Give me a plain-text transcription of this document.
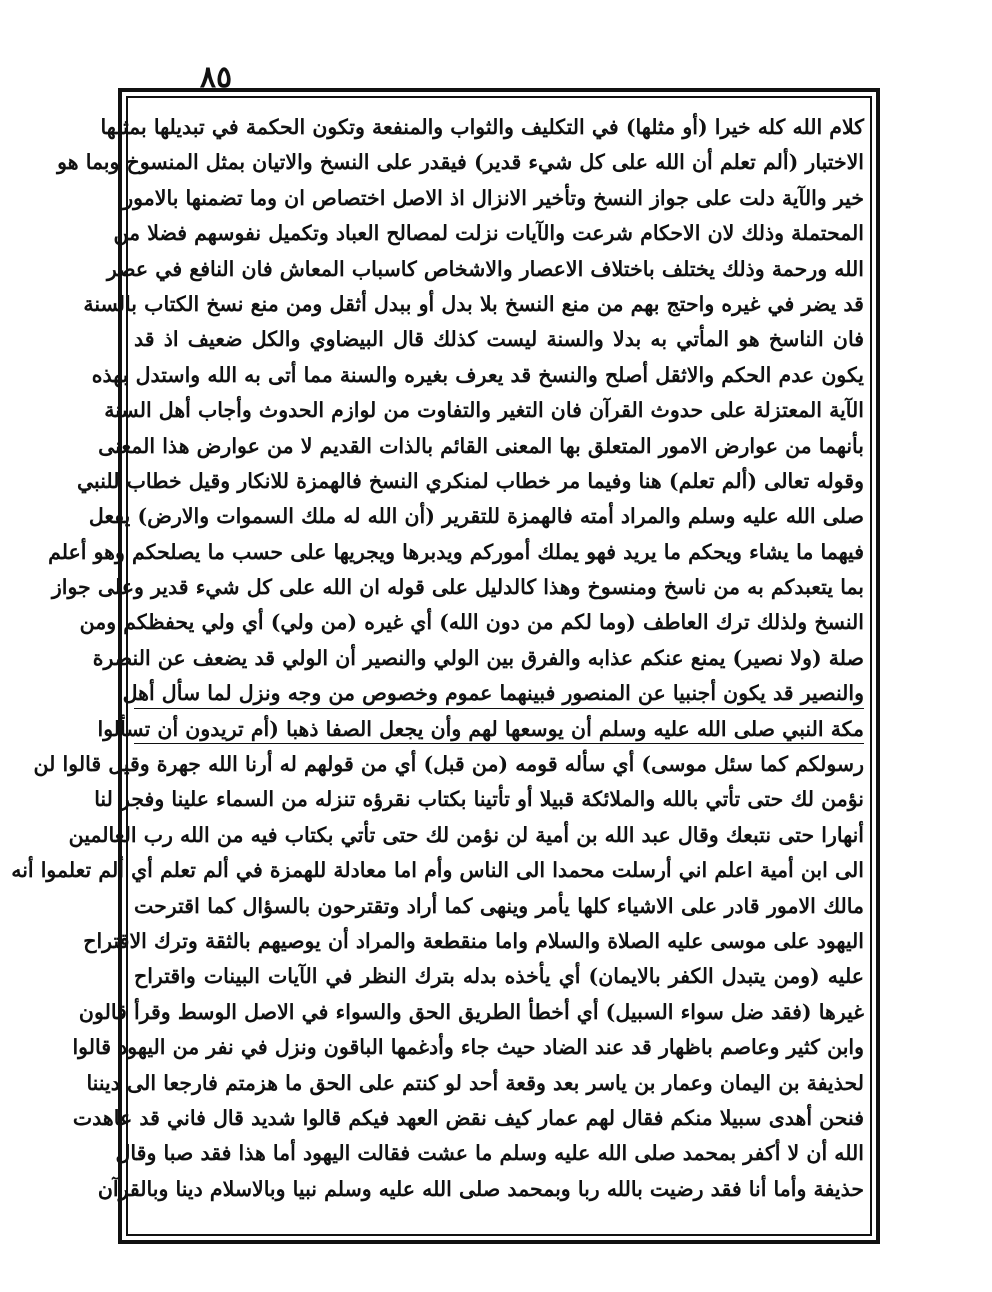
٨٥
كلام الله كله خيرا (أو مثلها) في التكليف والثواب والمنفعة وتكون الحكمة في تبديلها بمثلها
الاختبار (ألم تعلم أن الله على كل شيء قدير) فيقدر على النسخ والاتيان بمثل المنسوخ وبما هو
خير والآية دلت على جواز النسخ وتأخير الانزال اذ الاصل اختصاص ان وما تضمنها بالامور
المحتملة وذلك لان الاحكام شرعت والآيات نزلت لمصالح العباد وتكميل نفوسهم فضلا من
الله ورحمة وذلك يختلف باختلاف الاعصار والاشخاص كاسباب المعاش فان النافع في عصر
قد يضر في غيره واحتج بهم من منع النسخ بلا بدل أو ببدل أثقل ومن منع نسخ الكتاب بالسنة
فان الناسخ هو المأتي به بدلا والسنة ليست كذلك قال البيضاوي والكل ضعيف اذ قد
يكون عدم الحكم والاثقل أصلح والنسخ قد يعرف بغيره والسنة مما أتى به الله واستدل بهذه
الآية المعتزلة على حدوث القرآن فان التغير والتفاوت من لوازم الحدوث وأجاب أهل السنة
بأنهما من عوارض الامور المتعلق بها المعنى القائم بالذات القديم لا من عوارض هذا المعنى
وقوله تعالى (ألم تعلم) هنا وفيما مر خطاب لمنكري النسخ فالهمزة للانكار وقيل خطاب للنبي
صلى الله عليه وسلم والمراد أمته فالهمزة للتقرير (أن الله له ملك السموات والارض) يفعل
فيهما ما يشاء ويحكم ما يريد فهو يملك أموركم ويدبرها ويجريها على حسب ما يصلحكم وهو أعلم
بما يتعبدكم به من ناسخ ومنسوخ وهذا كالدليل على قوله ان الله على كل شيء قدير وعلى جواز
النسخ ولذلك ترك العاطف (وما لكم من دون الله) أي غيره (من ولي) أي ولي يحفظكم ومن
صلة (ولا نصير) يمنع عنكم عذابه والفرق بين الولي والنصير أن الولي قد يضعف عن النصرة
والنصير قد يكون أجنبيا عن المنصور فبينهما عموم وخصوص من وجه ونزل لما سأل أهل
مكة النبي صلى الله عليه وسلم أن يوسعها لهم وأن يجعل الصفا ذهبا (أم تريدون أن تسألوا
رسولكم كما سئل موسى) أي سأله قومه (من قبل) أي من قولهم له أرنا الله جهرة وقيل قالوا لن
نؤمن لك حتى تأتي بالله والملائكة قبيلا أو تأتينا بكتاب نقرؤه تنزله من السماء علينا وفجر لنا
أنهارا حتى نتبعك وقال عبد الله بن أمية لن نؤمن لك حتى تأتي بكتاب فيه من الله رب العالمين
الى ابن أمية اعلم اني أرسلت محمدا الى الناس وأم اما معادلة للهمزة في ألم تعلم أي ألم تعلموا أنه
مالك الامور قادر على الاشياء كلها يأمر وينهى كما أراد وتقترحون بالسؤال كما اقترحت
اليهود على موسى عليه الصلاة والسلام واما منقطعة والمراد أن يوصيهم بالثقة وترك الاقتراح
عليه (ومن يتبدل الكفر بالايمان) أي يأخذه بدله بترك النظر في الآيات البينات واقتراح
غيرها (فقد ضل سواء السبيل) أي أخطأ الطريق الحق والسواء في الاصل الوسط وقرأ قالون
وابن كثير وعاصم باظهار قد عند الضاد حيث جاء وأدغمها الباقون ونزل في نفر من اليهود قالوا
لحذيفة بن اليمان وعمار بن ياسر بعد وقعة أحد لو كنتم على الحق ما هزمتم فارجعا الى ديننا
فنحن أهدى سبيلا منكم فقال لهم عمار كيف نقض العهد فيكم قالوا شديد قال فاني قد عاهدت
الله أن لا أكفر بمحمد صلى الله عليه وسلم ما عشت فقالت اليهود أما هذا فقد صبا وقال
حذيفة وأما أنا فقد رضيت بالله ربا وبمحمد صلى الله عليه وسلم نبيا وبالاسلام دينا وبالقرآن
